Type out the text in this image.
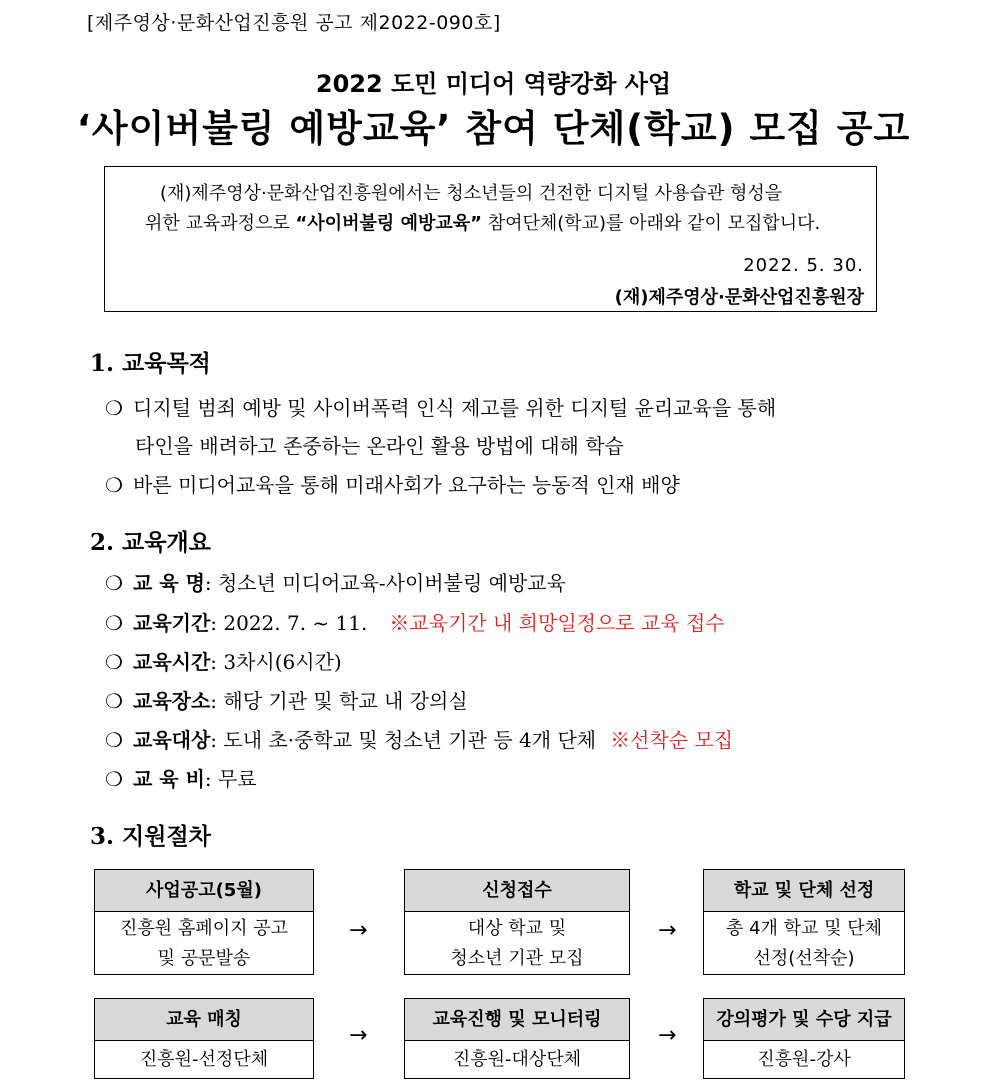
[제주영상·문화산업진흥원 공고 제2022-090호]
2022 도민 미디어 역량강화 사업
‘사이버불링 예방교육’ 참여 단체(학교) 모집 공고
(재)제주영상·문화산업진흥원에서는 청소년들의 건전한 디지털 사용습관 형성을
위한 교육과정으로 “사이버불링 예방교육” 참여단체(학교)를 아래와 같이 모집합니다.
2022. 5. 30.
(재)제주영상·문화산업진흥원장
1. 교육목적
❍ 디지털 범죄 예방 및 사이버폭력 인식 제고를 위한 디지털 윤리교육을 통해
타인을 배려하고 존중하는 온라인 활용 방법에 대해 학습
❍ 바른 미디어교육을 통해 미래사회가 요구하는 능동적 인재 배양
2. 교육개요
❍ 교 육 명: 청소년 미디어교육-사이버불링 예방교육
❍ 교육기간: 2022. 7. ~ 11. ※교육기간 내 희망일정으로 교육 접수
❍ 교육시간: 3차시(6시간)
❍ 교육장소: 해당 기관 및 학교 내 강의실
❍ 교육대상: 도내 초·중학교 및 청소년 기관 등 4개 단체 ※선착순 모집
❍ 교 육 비: 무료
3. 지원절차
사업공고(5월)
진흥원 홈페이지 공고
및 공문발송
→
신청접수
대상 학교 및
청소년 기관 모집
→
학교 및 단체 선정
총 4개 학교 및 단체
선정(선착순)
교육 매칭
진흥원-선정단체
→
교육진행 및 모니터링
진흥원-대상단체
→
강의평가 및 수당 지급
진흥원-강사
